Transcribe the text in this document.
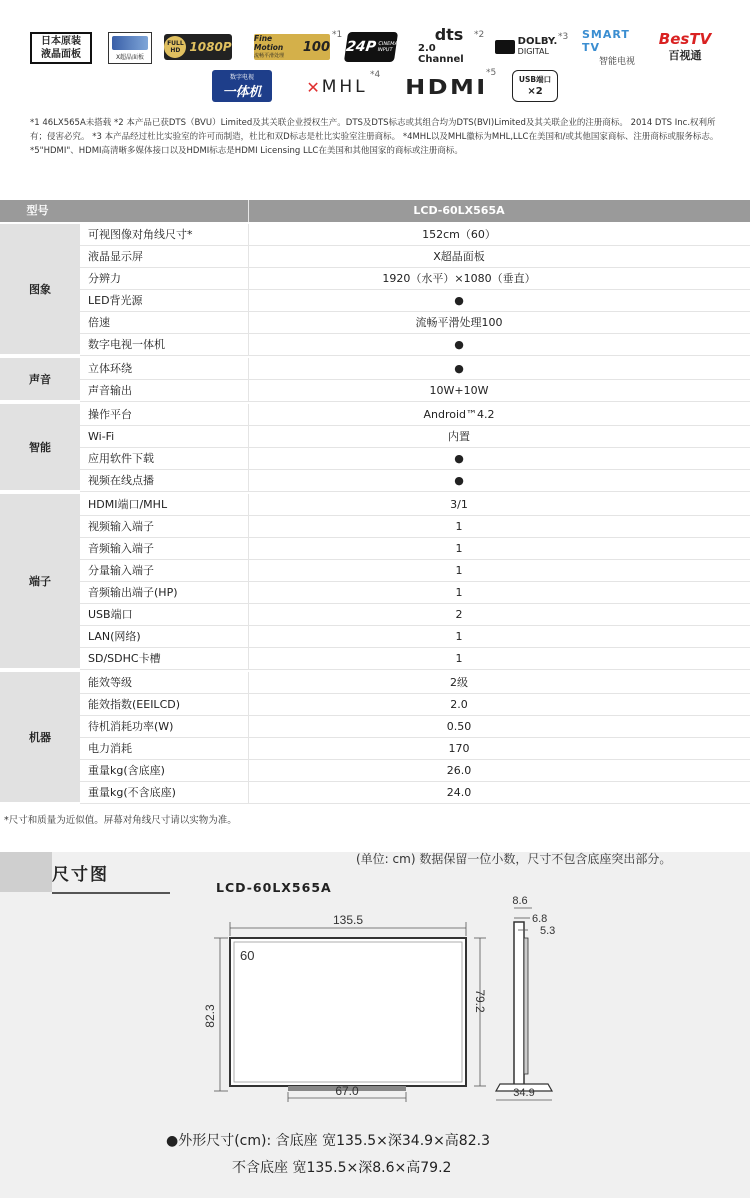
日本原装
液晶面板	X超晶面板
FULL HD 1080P
Fine Motion
流畅平滑处理
100
*1
24P CINEMA INPUT
dts
2.0 Channel
*2
DOLBY.
DIGITAL
*3 SMART TV
智能电视
BesTV
百视通
数字电视
一体机	✕ MHL
*4 HDMI
*5
USB端口
×2
*1 46LX565A未搭载 *2 本产品已获DTS（BVU）Limited及其关联企业授权生产。DTS及DTS标志或其组合均为DTS(BVI)Limited及其关联企业的注册商标。 2014 DTS Inc.权利所有；侵害必究。 *3 本产品经过杜比实验室的许可而制造，杜比和双D标志是杜比实验室注册商标。 *4MHL以及MHL徽标为MHL,LLC在美国和/或其他国家商标、注册商标或服务标志。 *5"HDMI"、HDMI高清晰多媒体接口以及HDMI标志是HDMI Licensing LLC在美国和其他国家的商标或注册商标。
型号	LCD-60LX565A
图象
可视图像对角线尺寸*	152cm（60）
液晶显示屏	X超晶面板
分辨力	1920（水平）×1080（垂直）
LED背光源	●
倍速	流畅平滑处理100
数字电视一体机	●
声音
立体环绕	●
声音输出	10W+10W
智能
操作平台	Android™4.2
Wi-Fi	内置
应用软件下载	●
视频在线点播	●
端子
HDMI端口/MHL	3/1
视频输入端子	1
音频输入端子	1
分量输入端子	1
音频输出端子(HP)	1
USB端口	2
LAN(网络)	1
SD/SDHC卡槽	1
机器
能效等级	2级
能效指数(EEILCD)	2.0
待机消耗功率(W)	0.50
电力消耗	170
重量kg(含底座)	26.0
重量kg(不含底座)	24.0
*尺寸和质量为近似值。屏幕对角线尺寸请以实物为准。
尺寸图
(单位: cm) 数据保留一位小数，尺寸不包含底座突出部分。
LCD-60LX565A
60
135.5
82.3
79.2
67.0
8.6
6.8
5.3
34.9
●外形尺寸(cm): 含底座 宽135.5×深34.9×高82.3
不含底座 宽135.5×深8.6×高79.2
